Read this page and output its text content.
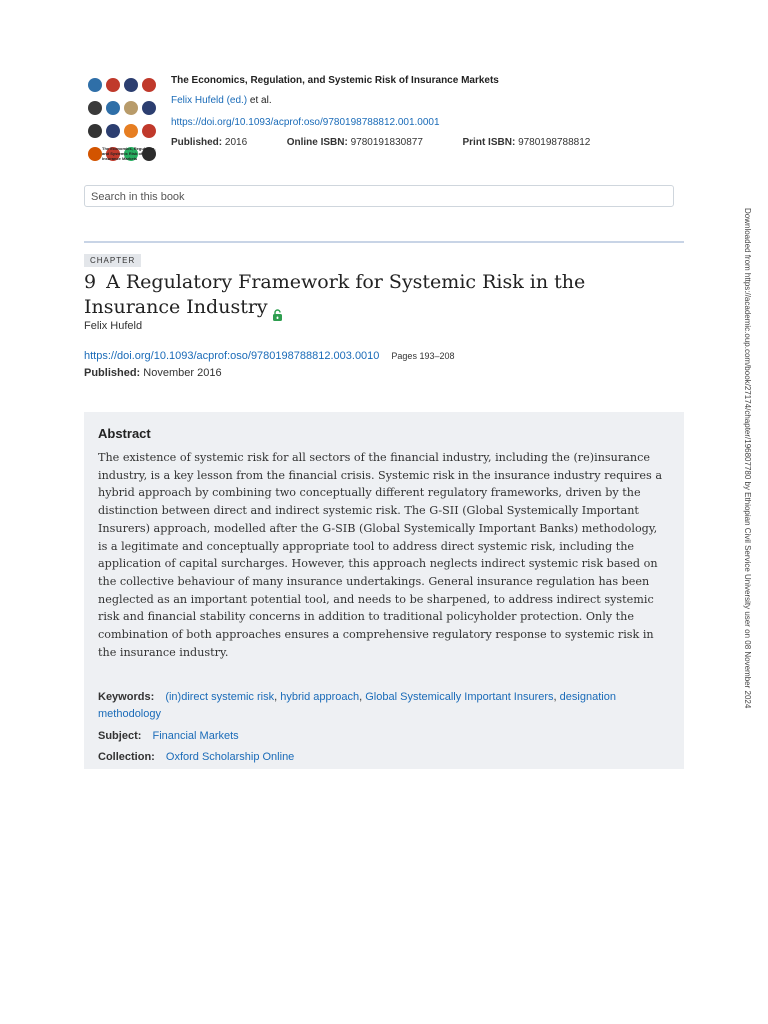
The Economics, Regulation, and Systemic Risk of Insurance Markets
The Economics, Regulation, and Systemic Risk of Insurance Markets
Felix Hufeld (ed.) et al.
https://doi.org/10.1093/acprof:oso/9780198788812.001.0001
Published: 2016	Online ISBN: 9780191830877	Print ISBN: 9780198788812
Search in this book
CHAPTER
9 A Regulatory Framework for Systemic Risk in the Insurance Industry
Felix Hufeld
https://doi.org/10.1093/acprof:oso/9780198788812.003.0010 Pages 193–208
Published: November 2016
Abstract

The existence of systemic risk for all sectors of the financial industry, including the (re)insurance industry, is a key lesson from the financial crisis. Systemic risk in the insurance industry requires a hybrid approach by combining two conceptually different regulatory frameworks, driven by the distinction between direct and indirect systemic risk. The G-SII (Global Systemically Important Insurers) approach, modelled after the G-SIB (Global Systemically Important Banks) methodology, is a legitimate and conceptually appropriate tool to address direct systemic risk, including the application of capital surcharges. However, this approach neglects indirect systemic risk based on the collective behaviour of many insurance undertakings. General insurance regulation has been neglected as an important potential tool, and needs to be sharpened, to address indirect systemic risk and financial stability concerns in addition to traditional policyholder protection. Only the combination of both approaches ensures a comprehensive regulatory response to systemic risk in the insurance industry.

Keywords: (in)direct systemic risk, hybrid approach, Global Systemically Important Insurers, designation methodology
Subject: Financial Markets
Collection: Oxford Scholarship Online
Downloaded from https://academic.oup.com/book/27174/chapter/196807780 by Ethiopian Civil Service University user on 08 November 2024
